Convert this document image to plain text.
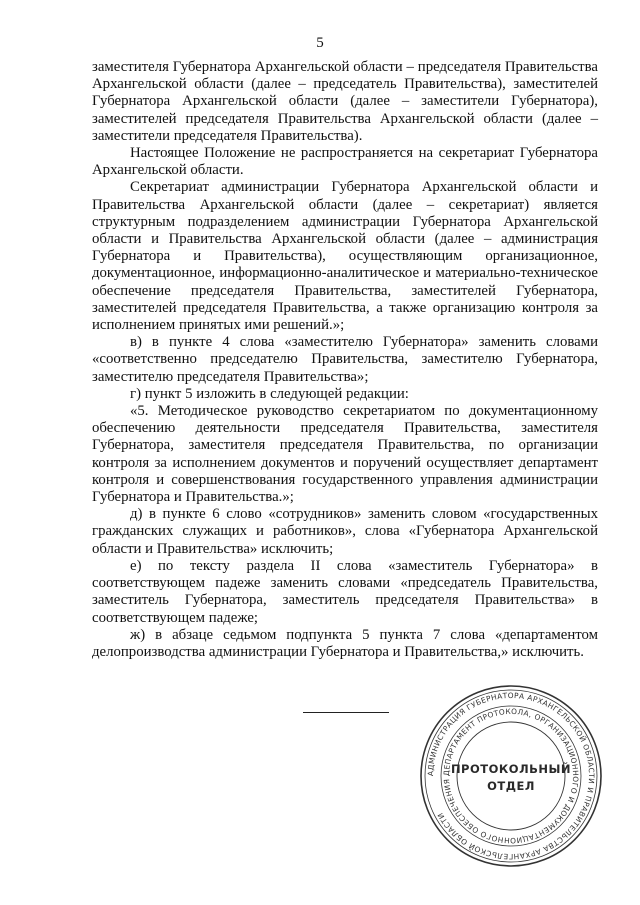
5

заместителя Губернатора Архангельской области – председателя Правительства Архангельской области (далее – председатель Правительства), заместителей Губернатора Архангельской области (далее – заместители Губернатора), заместителей председателя Правительства Архангельской области (далее – заместители председателя Правительства).

Настоящее Положение не распространяется на секретариат Губернатора Архангельской области.

Секретариат администрации Губернатора Архангельской области и Правительства Архангельской области (далее – секретариат) является структурным подразделением администрации Губернатора Архангельской области и Правительства Архангельской области (далее – администрация Губернатора и Правительства), осуществляющим организационное, документационное, информационно-аналитическое и материально-техническое обеспечение председателя Правительства, заместителей Губернатора, заместителей председателя Правительства, а также организацию контроля за исполнением принятых ими решений.»;

в) в пункте 4 слова «заместителю Губернатора» заменить словами «соответственно председателю Правительства, заместителю Губернатора, заместителю председателя Правительства»;

г) пункт 5 изложить в следующей редакции:

«5. Методическое руководство секретариатом по документационному обеспечению деятельности председателя Правительства, заместителя Губернатора, заместителя председателя Правительства, по организации контроля за исполнением документов и поручений осуществляет департамент контроля и совершенствования государственного управления администрации Губернатора и Правительства.»;

д) в пункте 6 слово «сотрудников» заменить словом «государственных гражданских служащих и работников», слова «Губернатора Архангельской области и Правительства» исключить;

е) по тексту раздела II слова «заместитель Губернатора» в соответствующем падеже заменить словами «председатель Правительства, заместитель Губернатора, заместитель председателя Правительства» в соответствующем падеже;

ж) в абзаце седьмом подпункта 5 пункта 7 слова «департаментом делопроизводства администрации Губернатора и Правительства,» исключить.

АДМИНИСТРАЦИЯ ГУБЕРНАТОРА АРХАНГЕЛЬСКОЙ ОБЛАСТИ И ПРАВИТЕЛЬСТВА АРХАНГЕЛЬСКОЙ ОБЛАСТИ
ДЕПАРТАМЕНТ ПРОТОКОЛА, ОРГАНИЗАЦИОННОГО И ДОКУМЕНТАЦИОННОГО ОБЕСПЕЧЕНИЯ
ПРОТОКОЛЬНЫЙ
ОТДЕЛ
